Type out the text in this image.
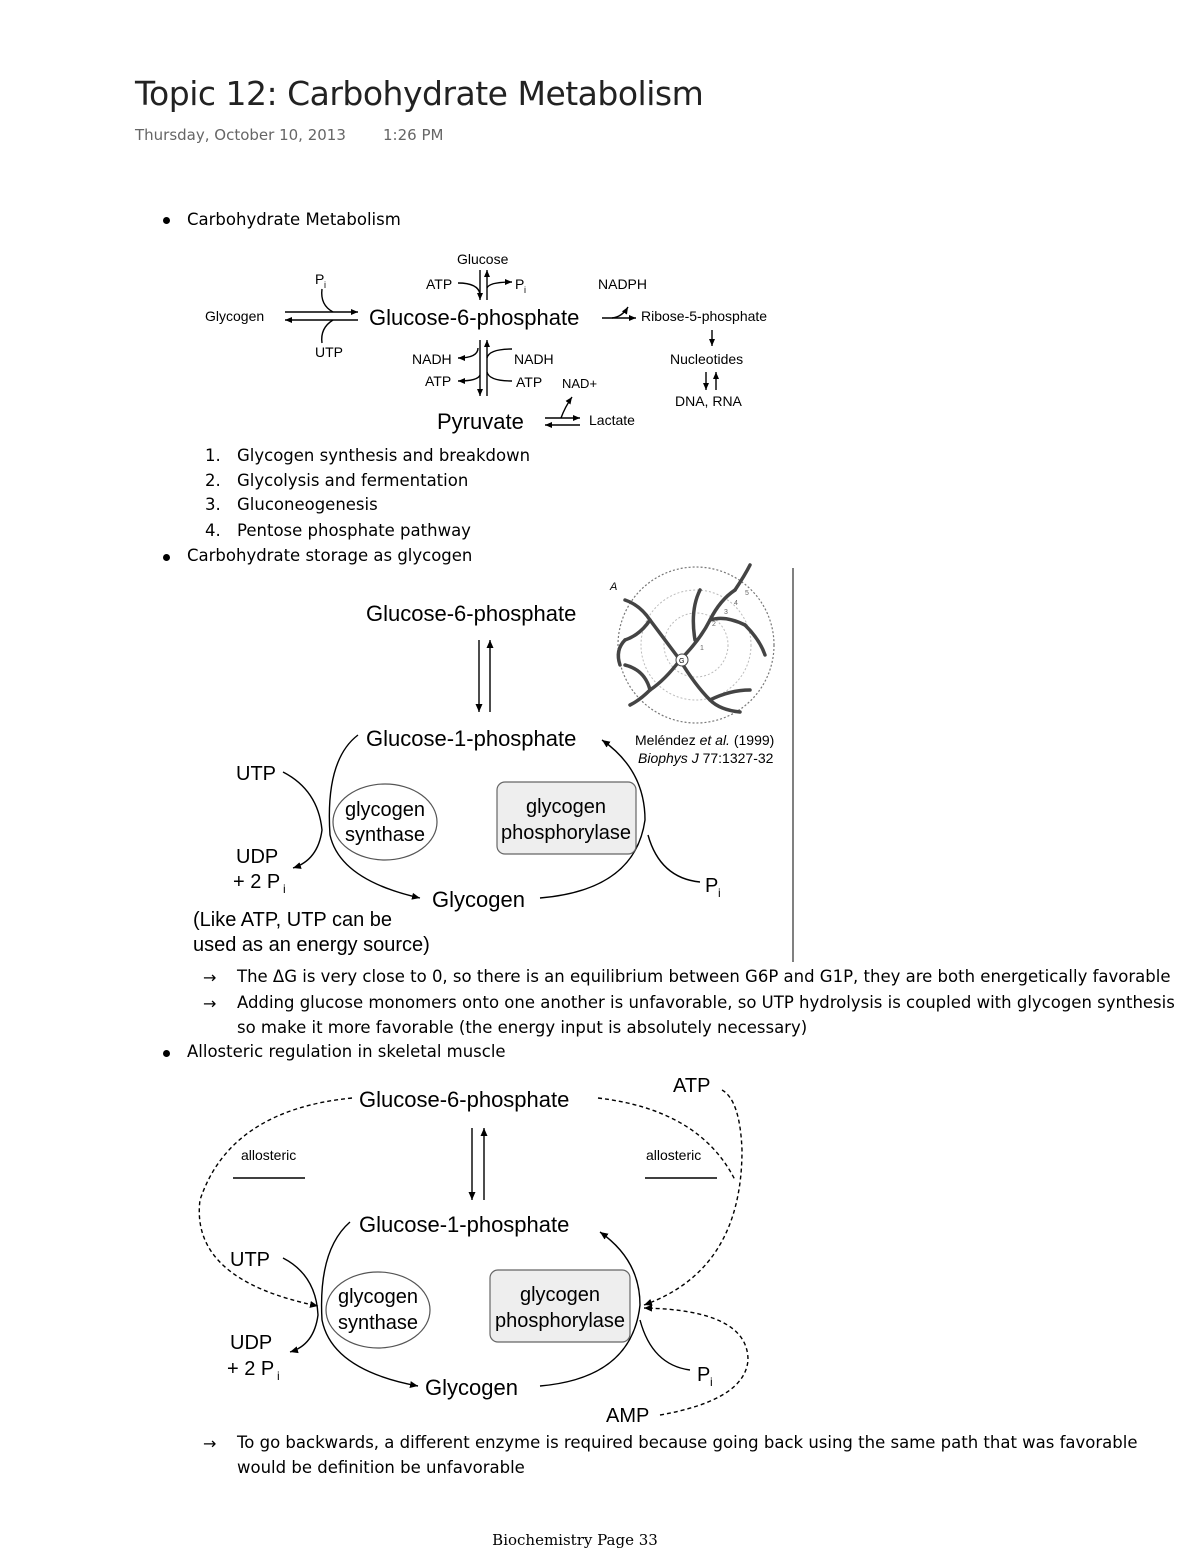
Topic 12: Carbohydrate Metabolism
Thursday, October 10, 2013 1:26 PM
Carbohydrate Metabolism
Glucose
ATP	P i	NADPH
P i
Glycogen	Glucose-6-phosphate	Ribose-5-phosphate
UTP	NADH	NADH
ATP	ATP NAD+
Nucleotides
DNA, RNA
Pyruvate	Lactate
1. Glycogen synthesis and breakdown
2. Glycolysis and fermentation
3. Gluconeogenesis
4. Pentose phosphate pathway
Carbohydrate storage as glycogen
G
1
2
3
4
5
A
Glucose-6-phosphate
Glucose-1-phosphate
UTP
UDP
+ 2 P i
glycogen
synthase
glycogen
phosphorylase
Glycogen
P i
(Like ATP, UTP can be
used as an energy source)
Meléndez et al. (1999)
Biophys J 77:1327-32
→ The ΔG is very close to 0, so there is an equilibrium between G6P and G1P, they are both energetically favorable
→ Adding glucose monomers onto one another is unfavorable, so UTP hydrolysis is coupled with glycogen synthesis
so make it more favorable (the energy input is absolutely necessary)
Allosteric regulation in skeletal muscle
Glucose-6-phosphate
ATP
allosteric	allosteric
Glucose-1-phosphate
UTP
UDP
+ 2 P i
glycogen
synthase
glycogen
phosphorylase
Glycogen	P i
AMP
→ To go backwards, a different enzyme is required because going back using the same path that was favorable
would be definition be unfavorable
Biochemistry Page 33
